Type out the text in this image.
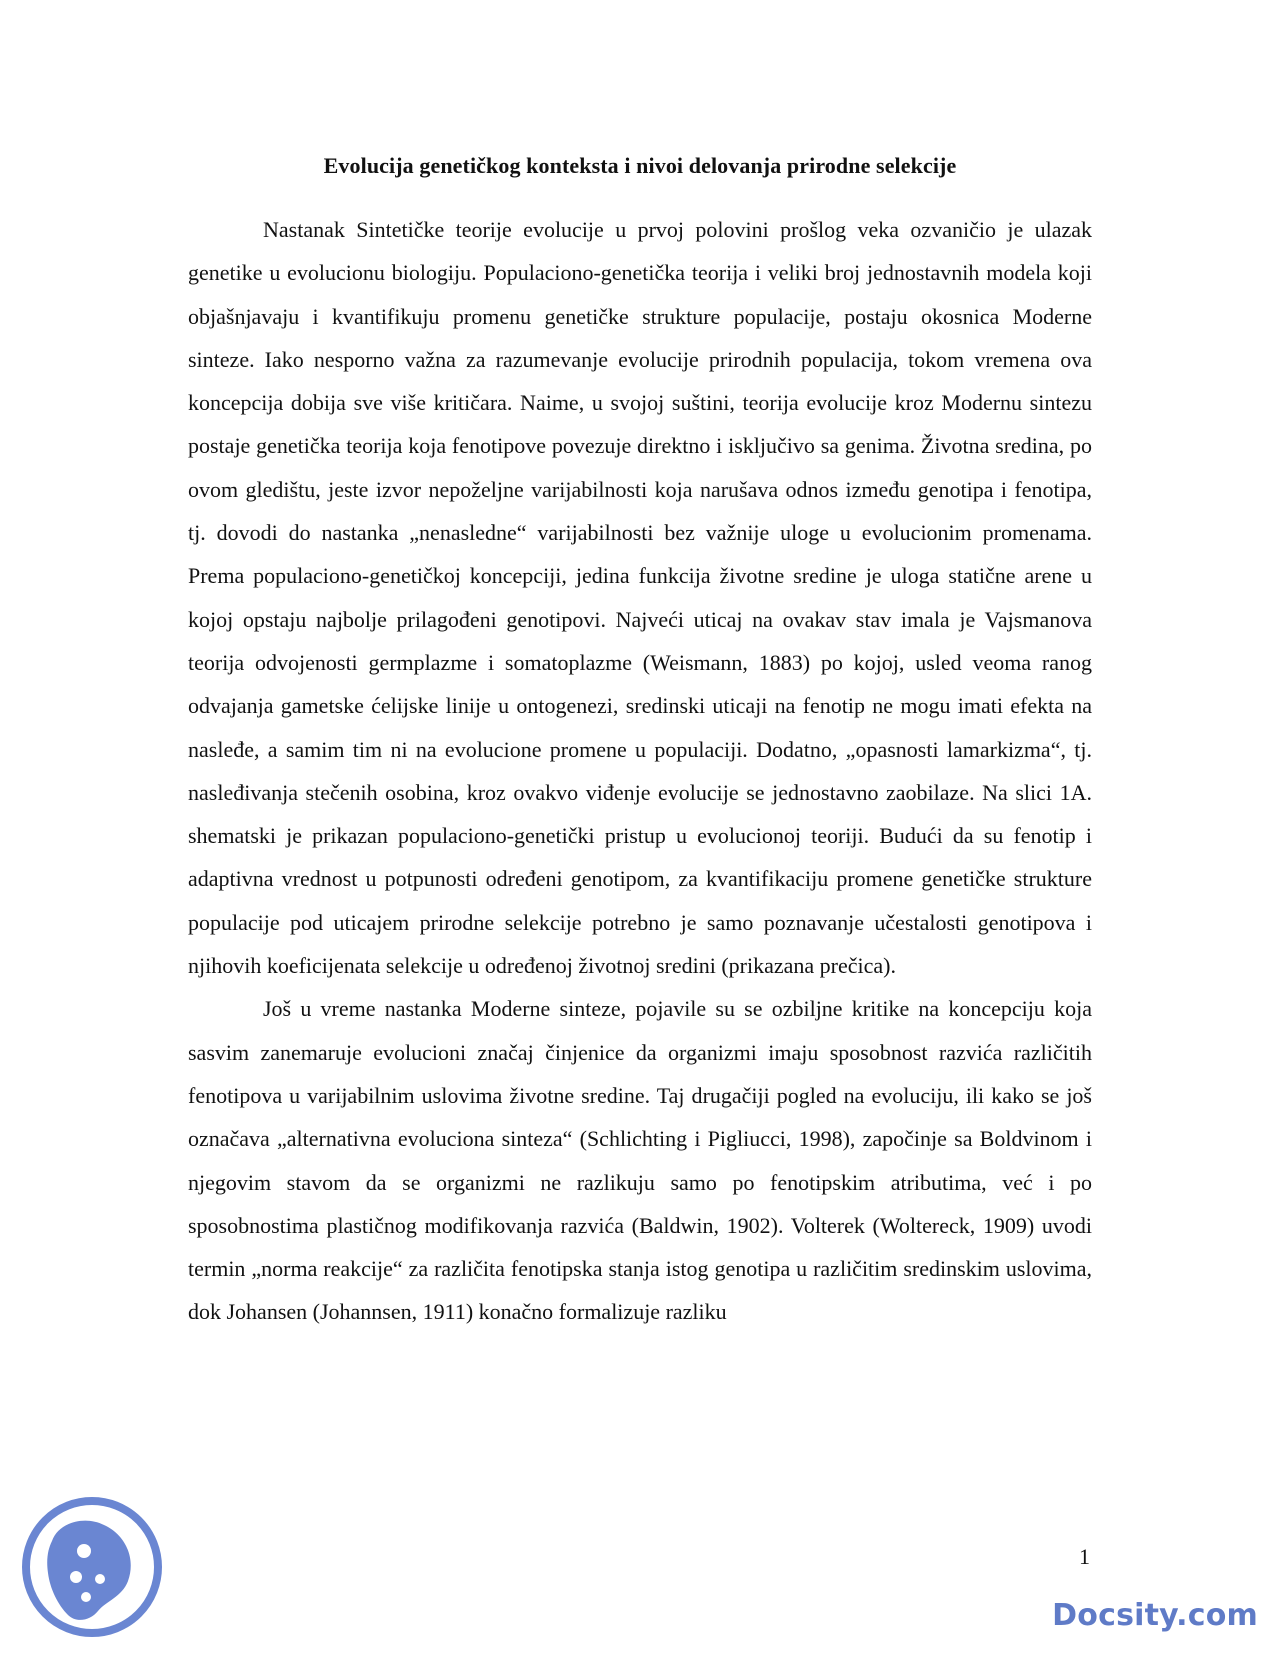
Evolucija genetičkog konteksta i nivoi delovanja prirodne selekcije

Nastanak Sintetičke teorije evolucije u prvoj polovini prošlog veka ozvaničio je ulazak genetike u evolucionu biologiju. Populaciono-genetička teorija i veliki broj jednostavnih modela koji objašnjavaju i kvantifikuju promenu genetičke strukture populacije, postaju okosnica Moderne sinteze. Iako nesporno važna za razumevanje evolucije prirodnih populacija, tokom vremena ova koncepcija dobija sve više kritičara. Naime, u svojoj suštini, teorija evolucije kroz Modernu sintezu postaje genetička teorija koja fenotipove povezuje direktno i isključivo sa genima. Životna sredina, po ovom gledištu, jeste izvor nepoželjne varijabilnosti koja narušava odnos između genotipa i fenotipa, tj. dovodi do nastanka „nenasledne“ varijabilnosti bez važnije uloge u evolucionim promenama. Prema populaciono-genetičkoj koncepciji, jedina funkcija životne sredine je uloga statične arene u kojoj opstaju najbolje prilagođeni genotipovi. Najveći uticaj na ovakav stav imala je Vajsmanova teorija odvojenosti germplazme i somatoplazme (Weismann, 1883) po kojoj, usled veoma ranog odvajanja gametske ćelijske linije u ontogenezi, sredinski uticaji na fenotip ne mogu imati efekta na nasleđe, a samim tim ni na evolucione promene u populaciji. Dodatno, „opasnosti lamarkizma“, tj. nasleđivanja stečenih osobina, kroz ovakvo viđenje evolucije se jednostavno zaobilaze. Na slici 1A. shematski je prikazan populaciono-genetički pristup u evolucionoj teoriji. Budući da su fenotip i adaptivna vrednost u potpunosti određeni genotipom, za kvantifikaciju promene genetičke strukture populacije pod uticajem prirodne selekcije potrebno je samo poznavanje učestalosti genotipova i njihovih koeficijenata selekcije u određenoj životnoj sredini (prikazana prečica).

Još u vreme nastanka Moderne sinteze, pojavile su se ozbiljne kritike na koncepciju koja sasvim zanemaruje evolucioni značaj činjenice da organizmi imaju sposobnost razvića različitih fenotipova u varijabilnim uslovima životne sredine. Taj drugačiji pogled na evoluciju, ili kako se još označava „alternativna evoluciona sinteza“ (Schlichting i Pigliucci, 1998), započinje sa Boldvinom i njegovim stavom da se organizmi ne razlikuju samo po fenotipskim atributima, već i po sposobnostima plastičnog modifikovanja razvića (Baldwin, 1902). Volterek (Woltereck, 1909) uvodi termin „norma reakcije“ za različita fenotipska stanja istog genotipa u različitim sredinskim uslovima, dok Johansen (Johannsen, 1911) konačno formalizuje razliku

1
Docsity.com
